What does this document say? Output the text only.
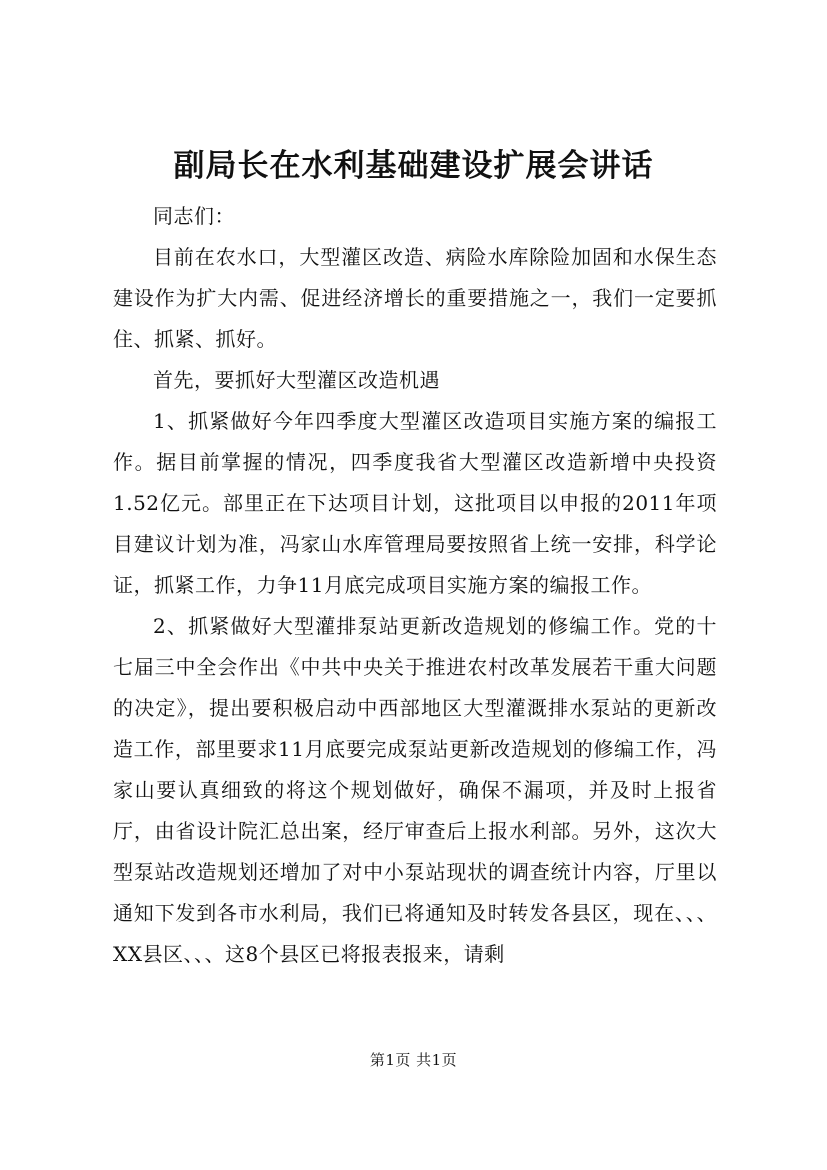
副局长在水利基础建设扩展会讲话

同志们：

目前在农水口，大型灌区改造、病险水库除险加固和水保生态建设作为扩大内需、促进经济增长的重要措施之一，我们一定要抓住、抓紧、抓好。

首先，要抓好大型灌区改造机遇

1、抓紧做好今年四季度大型灌区改造项目实施方案的编报工作。据目前掌握的情况，四季度我省大型灌区改造新增中央投资1.52亿元。部里正在下达项目计划，这批项目以申报的2011年项目建议计划为准，冯家山水库管理局要按照省上统一安排，科学论证，抓紧工作，力争11月底完成项目实施方案的编报工作。

2、抓紧做好大型灌排泵站更新改造规划的修编工作。党的十七届三中全会作出《中共中央关于推进农村改革发展若干重大问题的决定》，提出要积极启动中西部地区大型灌溉排水泵站的更新改造工作，部里要求11月底要完成泵站更新改造规划的修编工作，冯家山要认真细致的将这个规划做好，确保不漏项，并及时上报省厅，由省设计院汇总出案，经厅审查后上报水利部。另外，这次大型泵站改造规划还增加了对中小泵站现状的调查统计内容，厅里以通知下发到各市水利局，我们已将通知及时转发各县区，现在、、、XX县区、、、这8个县区已将报表报来，请剩

第1页 共1页
